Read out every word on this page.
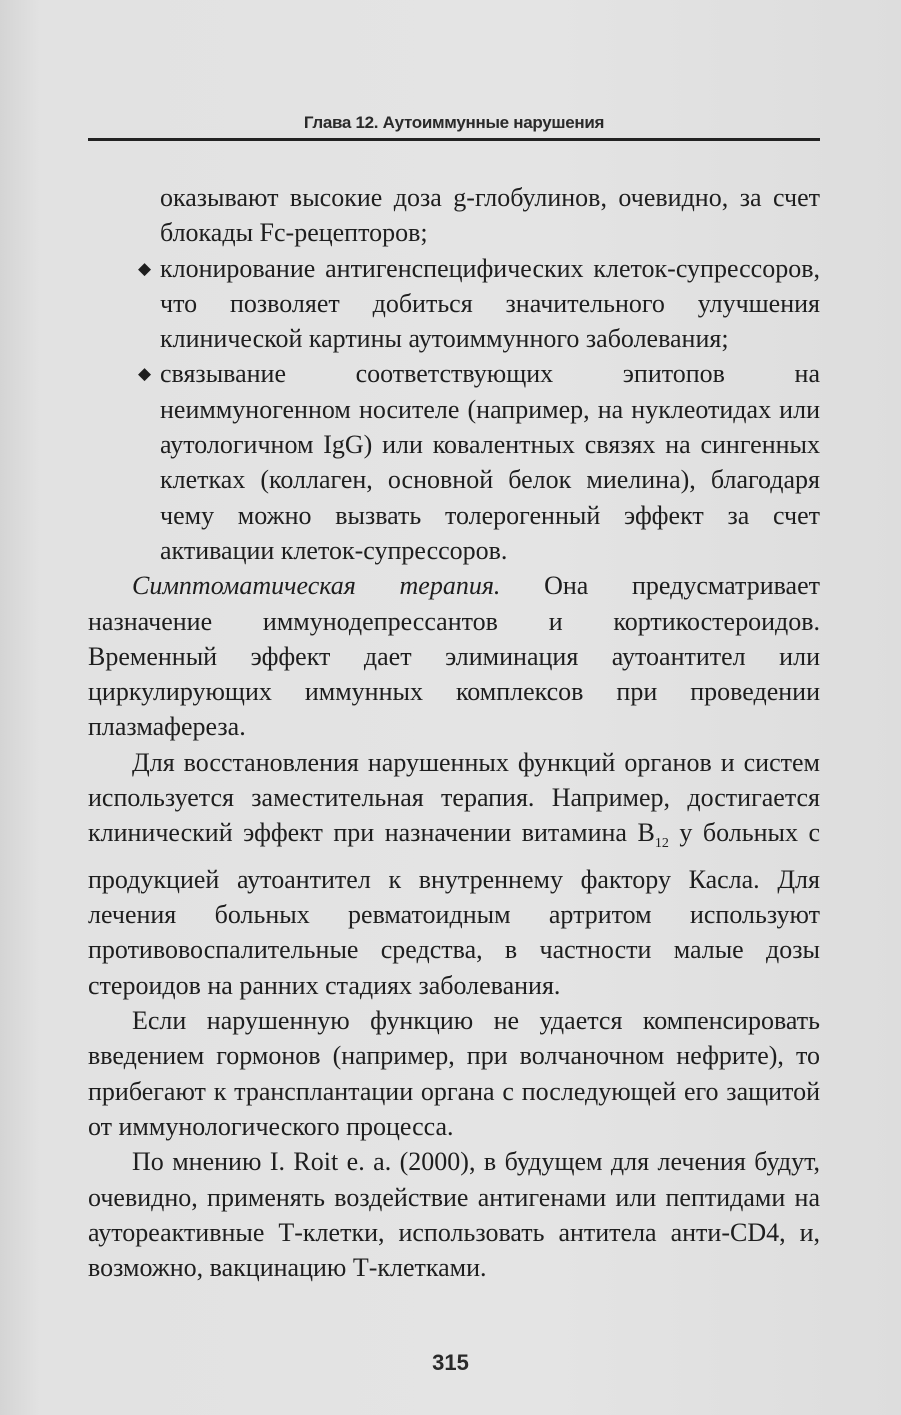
Глава 12. Аутоиммунные нарушения

оказывают высокие доза g-глобулинов, очевидно, за счет блокады Fc-рецепторов;

◆ клонирование антигенспецифических клеток-супрессоров, что позволяет добиться значительного улучшения клинической картины аутоиммунного заболевания;
◆ связывание соответствующих эпитопов на неиммуногенном носителе (например, на нуклеотидах или аутологичном IgG) или ковалентных связях на сингенных клетках (коллаген, основной белок миелина), благодаря чему можно вызвать толерогенный эффект за счет активации клеток-супрессоров.

Симптоматическая терапия. Она предусматривает назначение иммунодепрессантов и кортикостероидов. Временный эффект дает элиминация аутоантител или циркулирующих иммунных комплексов при проведении плазмафереза.

Для восстановления нарушенных функций органов и систем используется заместительная терапия. Например, достигается клинический эффект при назначении витамина $B_{12}$ у больных с продукцией аутоантител к внутреннему фактору Касла. Для лечения больных ревматоидным артритом используют противовоспалительные средства, в частности малые дозы стероидов на ранних стадиях заболевания.

Если нарушенную функцию не удается компенсировать введением гормонов (например, при волчаночном нефрите), то прибегают к трансплантации органа с последующей его защитой от иммунологического процесса.

По мнению I. Roit e. a. (2000), в будущем для лечения будут, очевидно, применять воздействие антигенами или пептидами на аутореактивные Т-клетки, использовать антитела анти-CD4, и, возможно, вакцинацию Т-клетками.

315
